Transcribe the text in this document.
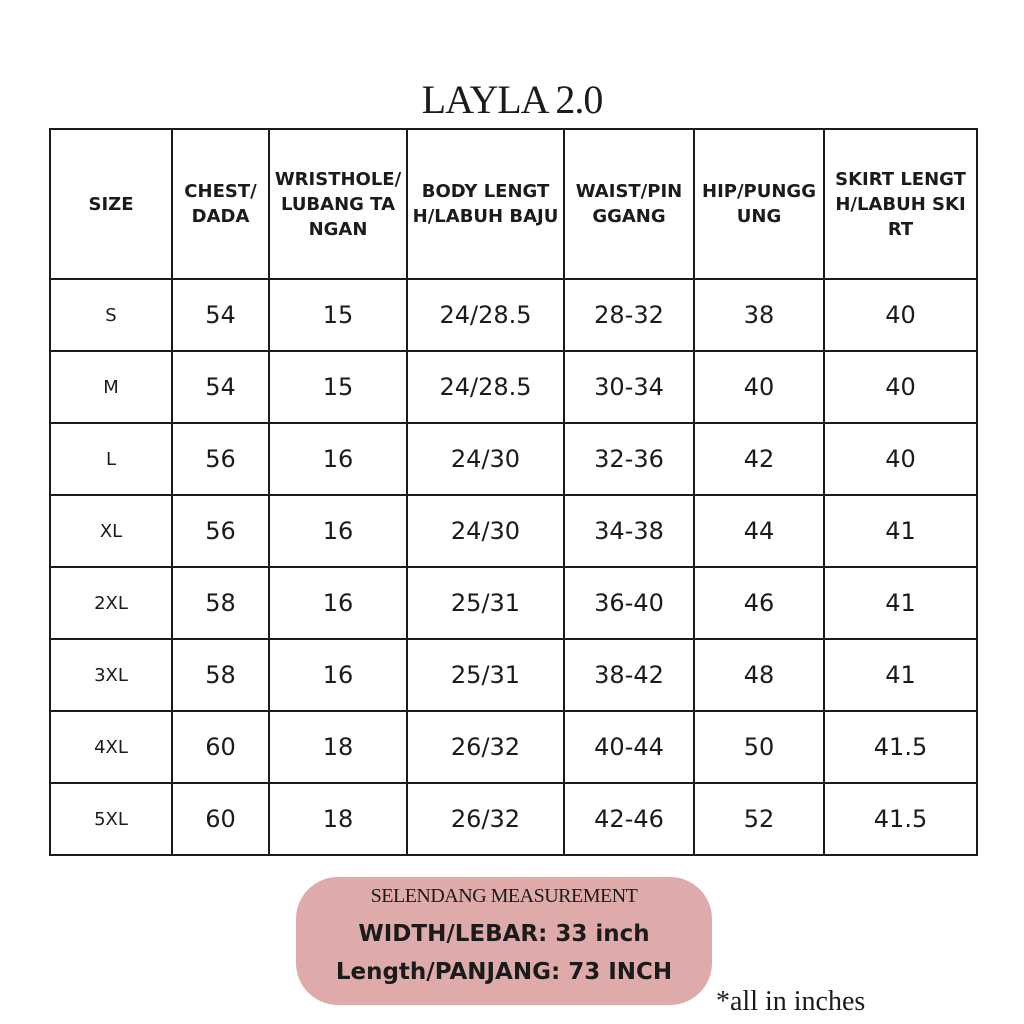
LAYLA 2.0
SIZE	CHEST/DADA	WRISTHOLE/LUBANG TANGAN	BODY LENGTH/LABUH BAJU	WAIST/PINGGANG	HIP/PUNGGUNG	SKIRT LENGTH/LABUH SKIRT
S	54	15	24/28.5	28-32	38	40
M	54	15	24/28.5	30-34	40	40
L	56	16	24/30	32-36	42	40
XL	56	16	24/30	34-38	44	41
2XL	58	16	25/31	36-40	46	41
3XL	58	16	25/31	38-42	48	41
4XL	60	18	26/32	40-44	50	41.5
5XL	60	18	26/32	42-46	52	41.5
SELENDANG MEASUREMENT
WIDTH/LEBAR: 33 inch
Length/PANJANG: 73 INCH
*all in inches
